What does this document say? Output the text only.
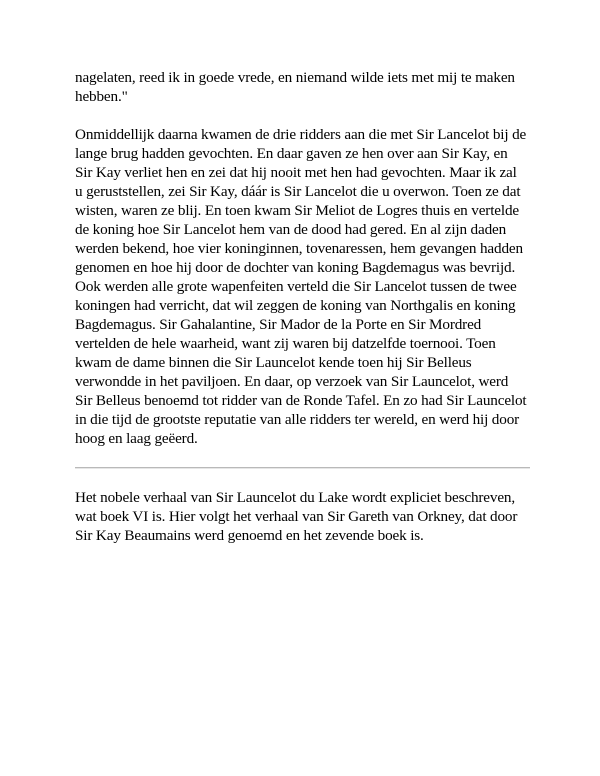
nagelaten, reed ik in goede vrede, en niemand wilde iets met mij te maken
hebben."

Onmiddellijk daarna kwamen de drie ridders aan die met Sir Lancelot bij de
lange brug hadden gevochten. En daar gaven ze hen over aan Sir Kay, en
Sir Kay verliet hen en zei dat hij nooit met hen had gevochten. Maar ik zal
u geruststellen, zei Sir Kay, dáár is Sir Lancelot die u overwon. Toen ze dat
wisten, waren ze blij. En toen kwam Sir Meliot de Logres thuis en vertelde
de koning hoe Sir Lancelot hem van de dood had gered. En al zijn daden
werden bekend, hoe vier koninginnen, tovenaressen, hem gevangen hadden
genomen en hoe hij door de dochter van koning Bagdemagus was bevrijd.
Ook werden alle grote wapenfeiten verteld die Sir Lancelot tussen de twee
koningen had verricht, dat wil zeggen de koning van Northgalis en koning
Bagdemagus. Sir Gahalantine, Sir Mador de la Porte en Sir Mordred
vertelden de hele waarheid, want zij waren bij datzelfde toernooi. Toen
kwam de dame binnen die Sir Launcelot kende toen hij Sir Belleus
verwondde in het paviljoen. En daar, op verzoek van Sir Launcelot, werd
Sir Belleus benoemd tot ridder van de Ronde Tafel. En zo had Sir Launcelot
in die tijd de grootste reputatie van alle ridders ter wereld, en werd hij door
hoog en laag geëerd.

Het nobele verhaal van Sir Launcelot du Lake wordt expliciet beschreven,
wat boek VI is. Hier volgt het verhaal van Sir Gareth van Orkney, dat door
Sir Kay Beaumains werd genoemd en het zevende boek is.
